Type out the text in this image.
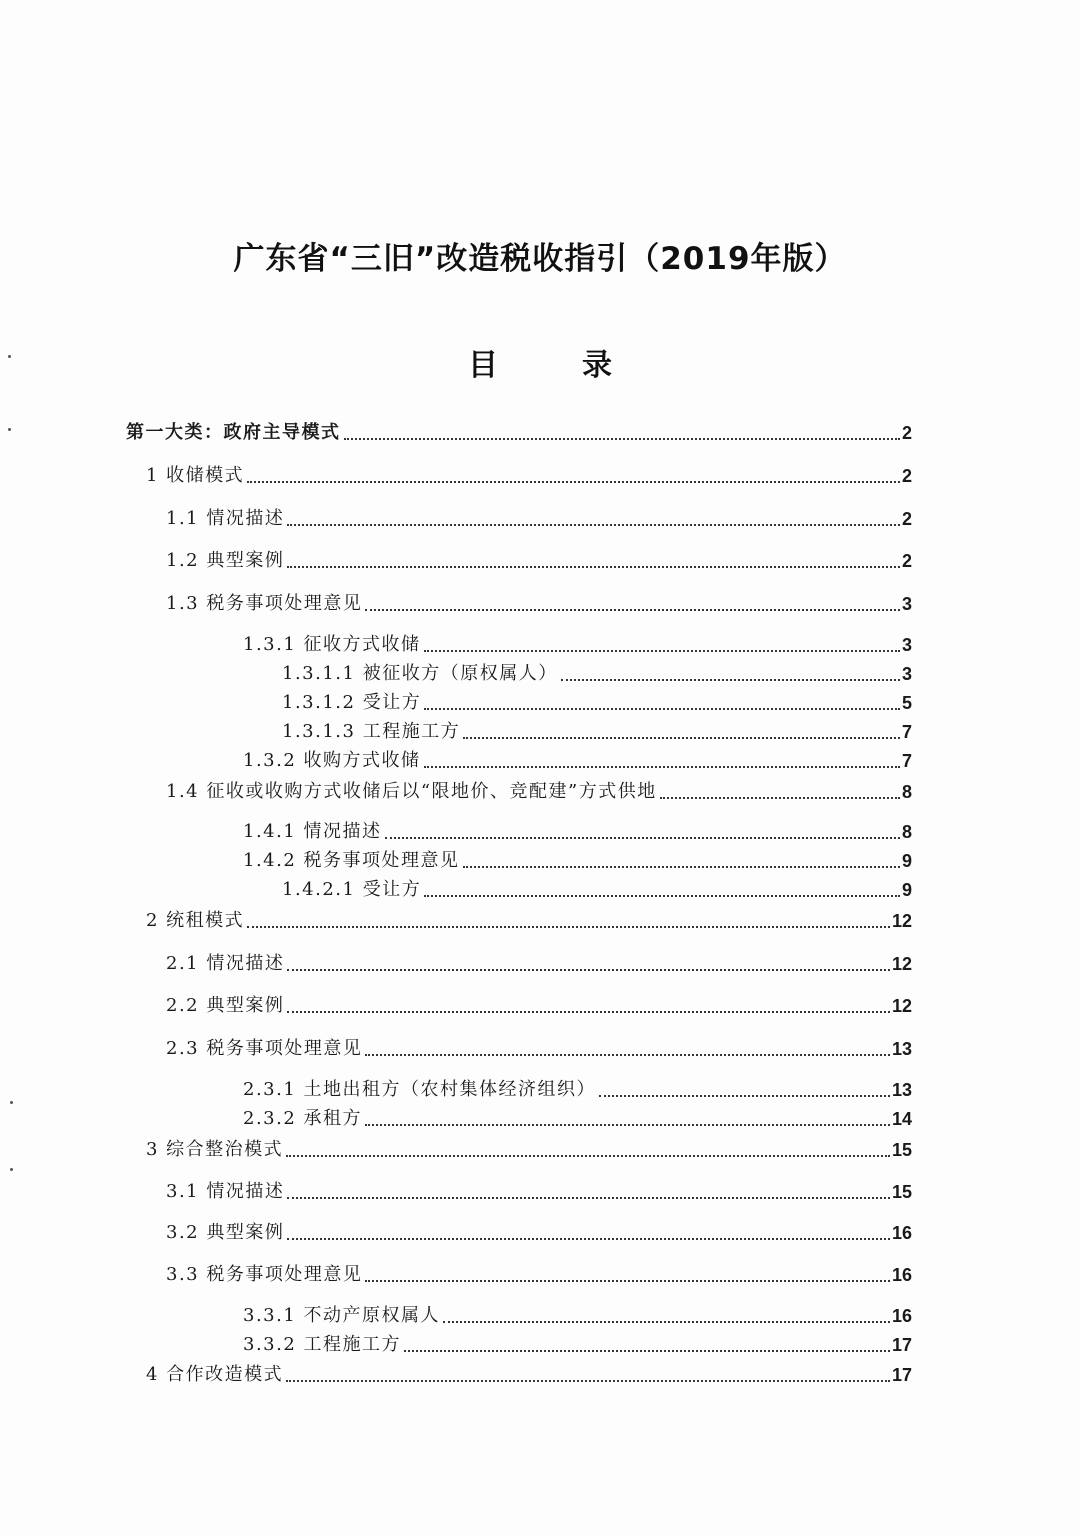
广东省“三旧”改造税收指引（2019年版）
目	录
第一大类：政府主导模式	2
1 收储模式	2
1.1 情况描述	2
1.2 典型案例	2
1.3 税务事项处理意见	3
1.3.1 征收方式收储	3
1.3.1.1 被征收方（原权属人）	3
1.3.1.2 受让方	5
1.3.1.3 工程施工方	7
1.3.2 收购方式收储	7
1.4 征收或收购方式收储后以“限地价、竞配建”方式供地	8
1.4.1 情况描述	8
1.4.2 税务事项处理意见	9
1.4.2.1 受让方	9
2 统租模式	12
2.1 情况描述	12
2.2 典型案例	12
2.3 税务事项处理意见	13
2.3.1 土地出租方（农村集体经济组织）	13
2.3.2 承租方	14
3 综合整治模式	15
3.1 情况描述	15
3.2 典型案例	16
3.3 税务事项处理意见	16
3.3.1 不动产原权属人	16
3.3.2 工程施工方	17
4 合作改造模式	17
